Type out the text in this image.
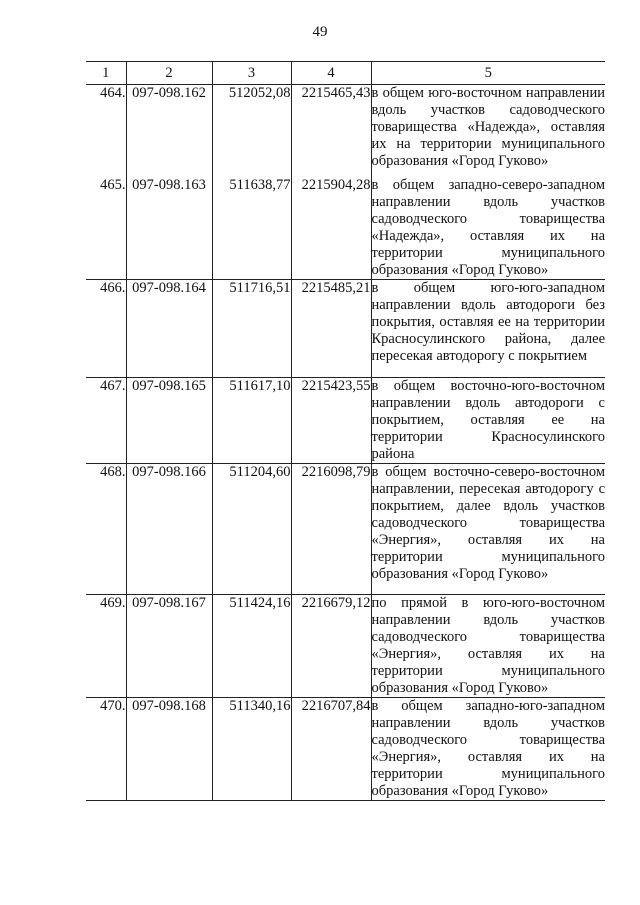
49
1	2	3	4	5
464.	097-098.162	512052,08	2215465,43	в общем юго-восточном направлении вдоль участков садоводческого товарищества «Надежда», оставляя их на территории муниципального образования «Город Гуково»
465.	097-098.163	511638,77	2215904,28	в общем западно-северо-западном направлении вдоль участков садоводческого товарищества «Надежда», оставляя их на территории муниципального образования «Город Гуково»
466.	097-098.164	511716,51	2215485,21	в общем юго-юго-западном направлении вдоль автодороги без покрытия, оставляя ее на территории Красносулинского района, далее пересекая автодорогу с покрытием
467.	097-098.165	511617,10	2215423,55	в общем восточно-юго-восточном направлении вдоль автодороги с покрытием, оставляя ее на территории Красносулинского района
468.	097-098.166	511204,60	2216098,79	в общем восточно-северо-восточном направлении, пересекая автодорогу с покрытием, далее вдоль участков садоводческого товарищества «Энергия», оставляя их на территории муниципального образования «Город Гуково»
469.	097-098.167	511424,16	2216679,12	по прямой в юго-юго-восточном направлении вдоль участков садоводческого товарищества «Энергия», оставляя их на территории муниципального образования «Город Гуково»
470.	097-098.168	511340,16	2216707,84	в общем западно-юго-западном направлении вдоль участков садоводческого товарищества «Энергия», оставляя их на территории муниципального образования «Город Гуково»
